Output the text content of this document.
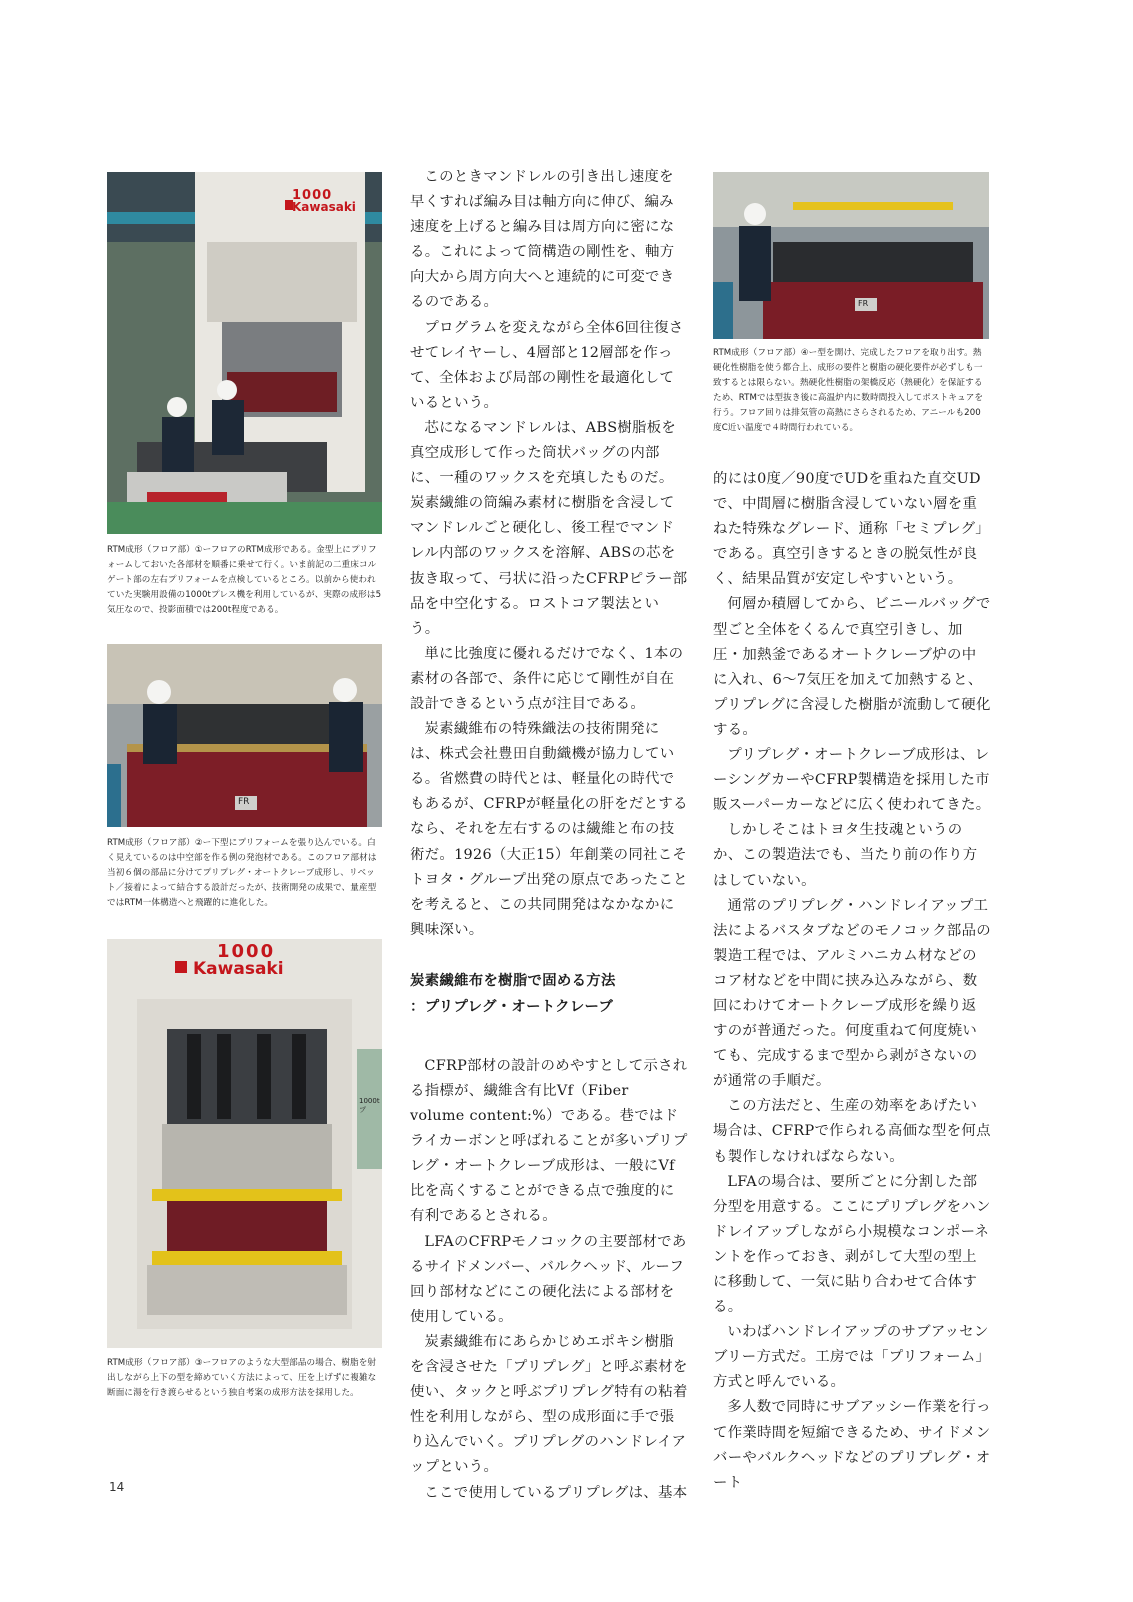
1000
Kawasaki
RTM成形（フロア部）①ーフロアのRTM成形である。金型上にプリフォームしておいた各部材を順番に乗せて行く。いま前記の二重床コルゲート部の左右プリフォームを点検しているところ。以前から使われていた実験用設備の1000tプレス機を利用しているが、実際の成形は5気圧なので、投影面積では200t程度である。
FR
RTM成形（フロア部）②ー下型にプリフォームを張り込んでいる。白く見えているのは中空部を作る例の発泡材である。このフロア部材は当初６個の部品に分けてプリプレグ・オートクレーブ成形し、リベット／接着によって結合する設計だったが、技術開発の成果で、量産型ではRTM一体構造へと飛躍的に進化した。
1000
Kawasaki
1000tプ
RTM成形（フロア部）③ーフロアのような大型部品の場合、樹脂を射出しながら上下の型を締めていく方法によって、圧を上げずに複雑な断面に湯を行き渡らせるという独自考案の成形方法を採用した。
FR
RTM成形（フロア部）④ー型を開け、完成したフロアを取り出す。熱硬化性樹脂を使う都合上、成形の要件と樹脂の硬化要件が必ずしも一致するとは限らない。熱硬化性樹脂の架橋反応（熱硬化）を保証するため、RTMでは型抜き後に高温炉内に数時間投入してポストキュアを行う。フロア回りは排気管の高熱にさらされるため、アニールも200度C近い温度で４時間行われている。

このときマンドレルの引き出し速度を早くすれば編み目は軸方向に伸び、編み速度を上げると編み目は周方向に密になる。これによって筒構造の剛性を、軸方向大から周方向大へと連続的に可変できるのである。

プログラムを変えながら全体6回往復させてレイヤーし、4層部と12層部を作って、全体および局部の剛性を最適化しているという。

芯になるマンドレルは、ABS樹脂板を真空成形して作った筒状バッグの内部に、一種のワックスを充填したものだ。炭素繊維の筒編み素材に樹脂を含浸してマンドレルごと硬化し、後工程でマンドレル内部のワックスを溶解、ABSの芯を抜き取って、弓状に沿ったCFRPピラー部品を中空化する。ロストコア製法という。

単に比強度に優れるだけでなく、1本の素材の各部で、条件に応じて剛性が自在設計できるという点が注目である。

炭素繊維布の特殊織法の技術開発には、株式会社豊田自動織機が協力している。省燃費の時代とは、軽量化の時代でもあるが、CFRPが軽量化の肝をだとするなら、それを左右するのは繊維と布の技術だ。1926（大正15）年創業の同社こそトヨタ・グループ出発の原点であったことを考えると、この共同開発はなかなかに興味深い。

炭素繊維布を樹脂で固める方法
：プリプレグ・オートクレーブ

CFRP部材の設計のめやすとして示される指標が、繊維含有比Vf（Fiber volume content:%）である。巷ではドライカーボンと呼ばれることが多いプリプレグ・オートクレーブ成形は、一般にVf比を高くすることができる点で強度的に有利であるとされる。

LFAのCFRPモノコックの主要部材であるサイドメンバー、バルクヘッド、ルーフ回り部材などにこの硬化法による部材を使用している。

炭素繊維布にあらかじめエポキシ樹脂を含浸させた「プリプレグ」と呼ぶ素材を使い、タックと呼ぶプリプレグ特有の粘着性を利用しながら、型の成形面に手で張り込んでいく。プリプレグのハンドレイアップという。

ここで使用しているプリプレグは、基本

的には0度／90度でUDを重ねた直交UDで、中間層に樹脂含浸していない層を重ねた特殊なグレード、通称「セミプレグ」である。真空引きするときの脱気性が良く、結果品質が安定しやすいという。

何層か積層してから、ビニールバッグで型ごと全体をくるんで真空引きし、加圧・加熱釜であるオートクレーブ炉の中に入れ、6〜7気圧を加えて加熱すると、プリプレグに含浸した樹脂が流動して硬化する。

プリプレグ・オートクレーブ成形は、レーシングカーやCFRP製構造を採用した市販スーパーカーなどに広く使われてきた。

しかしそこはトヨタ生技魂というのか、この製造法でも、当たり前の作り方はしていない。

通常のプリプレグ・ハンドレイアップ工法によるバスタブなどのモノコック部品の製造工程では、アルミハニカム材などのコア材などを中間に挟み込みながら、数回にわけてオートクレーブ成形を繰り返すのが普通だった。何度重ねて何度焼いても、完成するまで型から剥がさないのが通常の手順だ。

この方法だと、生産の効率をあげたい場合は、CFRPで作られる高価な型を何点も製作しなければならない。

LFAの場合は、要所ごとに分割した部分型を用意する。ここにプリプレグをハンドレイアップしながら小規模なコンポーネントを作っておき、剥がして大型の型上に移動して、一気に貼り合わせて合体する。

いわばハンドレイアップのサブアッセンブリー方式だ。工房では「プリフォーム」方式と呼んでいる。

多人数で同時にサブアッシー作業を行って作業時間を短縮できるため、サイドメンバーやバルクヘッドなどのプリプレグ・オート

14
